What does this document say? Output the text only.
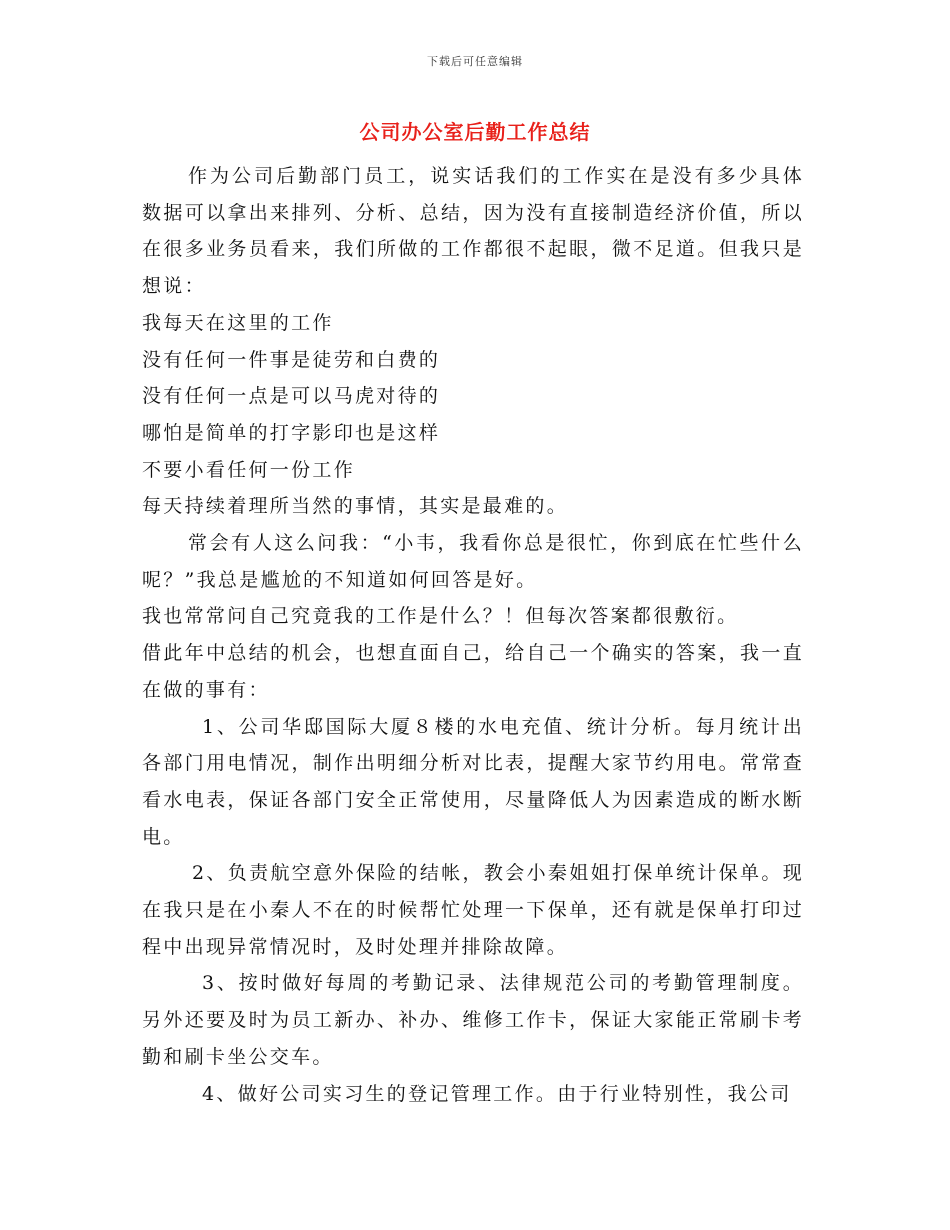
下载后可任意编辑
公司办公室后勤工作总结

作为公司后勤部门员工，说实话我们的工作实在是没有多少具体数据可以拿出来排列、分析、总结，因为没有直接制造经济价值，所以在很多业务员看来，我们所做的工作都很不起眼，微不足道。但我只是想说：

我每天在这里的工作

没有任何一件事是徒劳和白费的

没有任何一点是可以马虎对待的

哪怕是简单的打字影印也是这样

不要小看任何一份工作

每天持续着理所当然的事情，其实是最难的。

常会有人这么问我：“小韦，我看你总是很忙，你到底在忙些什么呢？”我总是尴尬的不知道如何回答是好。

我也常常问自己究竟我的工作是什么？！但每次答案都很敷衍。

借此年中总结的机会，也想直面自己，给自己一个确实的答案，我一直在做的事有：

1、公司华邸国际大厦８楼的水电充值、统计分析。每月统计出各部门用电情况，制作出明细分析对比表，提醒大家节约用电。常常查看水电表，保证各部门安全正常使用，尽量降低人为因素造成的断水断电。

2、负责航空意外保险的结帐，教会小秦姐姐打保单统计保单。现在我只是在小秦人不在的时候帮忙处理一下保单，还有就是保单打印过程中出现异常情况时，及时处理并排除故障。

3、按时做好每周的考勤记录、法律规范公司的考勤管理制度。另外还要及时为员工新办、补办、维修工作卡，保证大家能正常刷卡考勤和刷卡坐公交车。

4、做好公司实习生的登记管理工作。由于行业特别性，我公司
